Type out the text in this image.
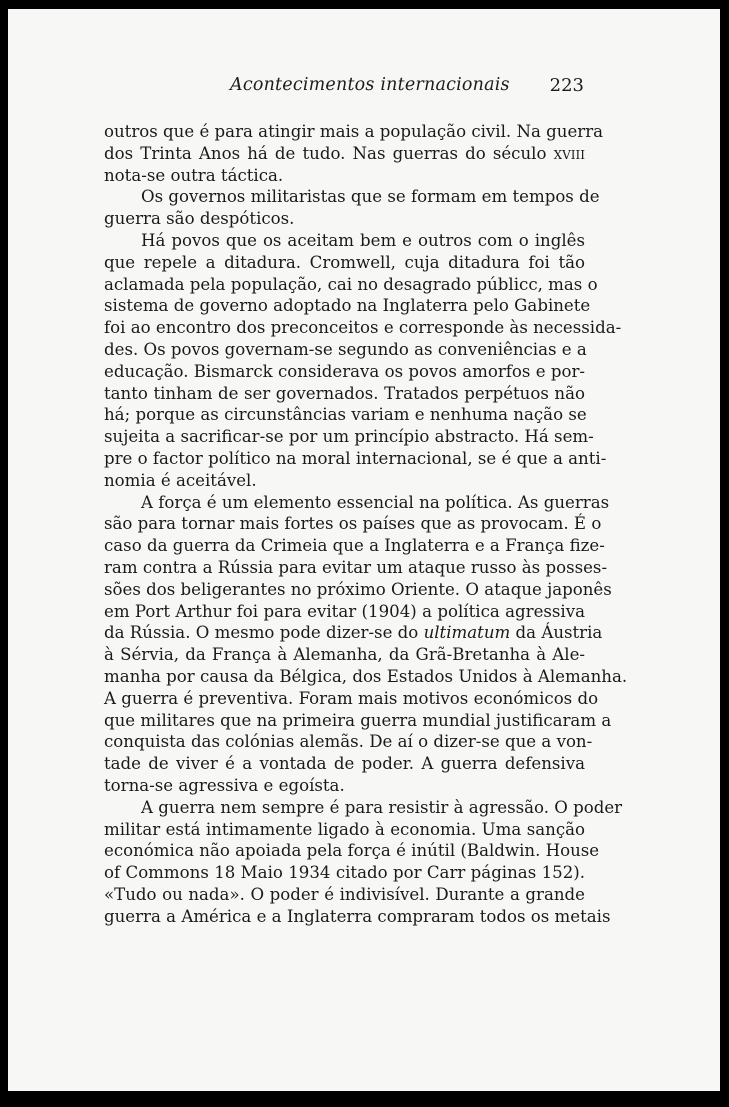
Acontecimentos internacionais 223
outros que é para atingir mais a população civil. Na guerra
dos Trinta Anos há de tudo. Nas guerras do século xviii
nota-se outra táctica.
Os governos militaristas que se formam em tempos de
guerra são despóticos.
Há povos que os aceitam bem e outros com o inglês
que repele a ditadura. Cromwell, cuja ditadura foi tão
aclamada pela população, cai no desagrado públicc, mas o
sistema de governo adoptado na Inglaterra pelo Gabinete
foi ao encontro dos preconceitos e corresponde às necessida-
des. Os povos governam-se segundo as conveniências e a
educação. Bismarck considerava os povos amorfos e por-
tanto tinham de ser governados. Tratados perpétuos não
há; porque as circunstâncias variam e nenhuma nação se
sujeita a sacrificar-se por um princípio abstracto. Há sem-
pre o factor político na moral internacional, se é que a anti-
nomia é aceitável.
A força é um elemento essencial na política. As guerras
são para tornar mais fortes os países que as provocam. É o
caso da guerra da Crimeia que a Inglaterra e a França fize-
ram contra a Rússia para evitar um ataque russo às posses-
sões dos beligerantes no próximo Oriente. O ataque japonês
em Port Arthur foi para evitar (1904) a política agressiva
da Rússia. O mesmo pode dizer-se do ultimatum da Áustria
à Sérvia, da França à Alemanha, da Grã-Bretanha à Ale-
manha por causa da Bélgica, dos Estados Unidos à Alemanha.
A guerra é preventiva. Foram mais motivos económicos do
que militares que na primeira guerra mundial justificaram a
conquista das colónias alemãs. De aí o dizer-se que a von-
tade de viver é a vontada de poder. A guerra defensiva
torna-se agressiva e egoísta.
A guerra nem sempre é para resistir à agressão. O poder
militar está intimamente ligado à economia. Uma sanção
económica não apoiada pela força é inútil (Baldwin. House
of Commons 18 Maio 1934 citado por Carr páginas 152).
«Tudo ou nada». O poder é indivisível. Durante a grande
guerra a América e a Inglaterra compraram todos os metais
